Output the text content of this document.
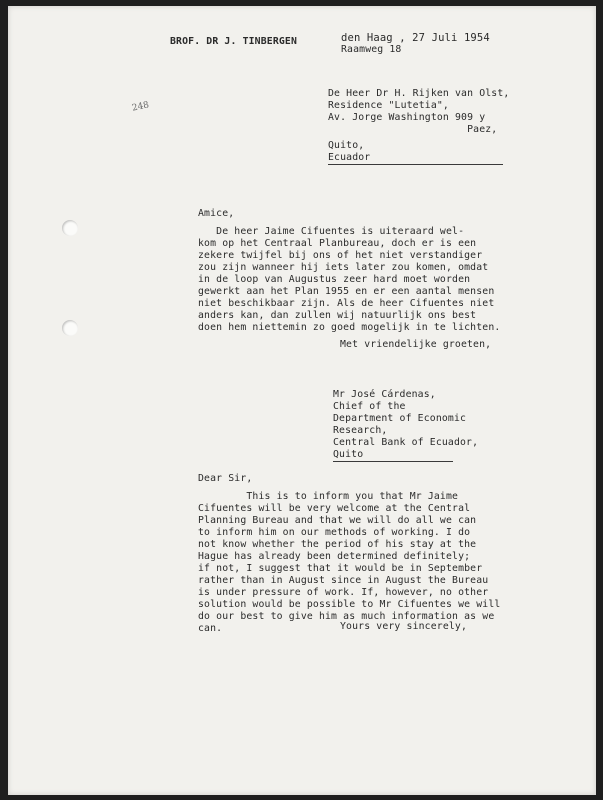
BROF. DR J. TINBERGEN	den Haag , 27 Juli 1954
Raamweg 18
248
De Heer Dr H. Rijken van Olst,
Residence "Lutetia",
Av. Jorge Washington 909 y
Paez,
Quito,
Ecuador
Amice,
De heer Jaime Cifuentes is uiteraard wel-
kom op het Centraal Planbureau, doch er is een
zekere twijfel bij ons of het niet verstandiger
zou zijn wanneer hij iets later zou komen, omdat
in de loop van Augustus zeer hard moet worden
gewerkt aan het Plan 1955 en er een aantal mensen
niet beschikbaar zijn. Als de heer Cifuentes niet
anders kan, dan zullen wij natuurlijk ons best
doen hem niettemin zo goed mogelijk in te lichten.
Met vriendelijke groeten,
Mr José Cárdenas,
Chief of the
Department of Economic
Research,
Central Bank of Ecuador,
Quito
Dear Sir,
This is to inform you that Mr Jaime
Cifuentes will be very welcome at the Central
Planning Bureau and that we will do all we can
to inform him on our methods of working. I do
not know whether the period of his stay at the
Hague has already been determined definitely;
if not, I suggest that it would be in September
rather than in August since in August the Bureau
is under pressure of work. If, however, no other
solution would be possible to Mr Cifuentes we will
do our best to give him as much information as we
can.	Yours very sincerely,
